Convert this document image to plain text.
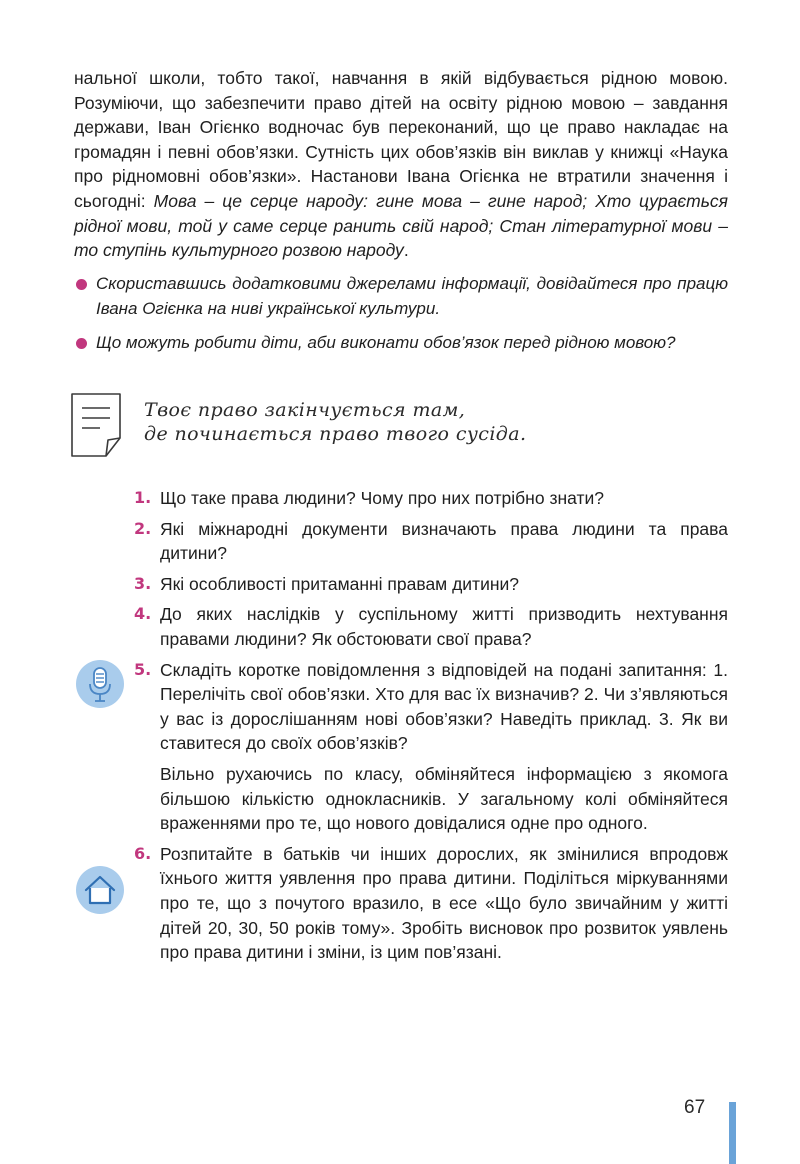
нальної школи, тобто такої, навчання в якій відбувається рідною мовою. Розуміючи, що забезпечити право дітей на освіту рідною мовою – завдання держави, Іван Огієнко водночас був переконаний, що це право накладає на громадян і певні обов’язки. Сутність цих обов’язків він виклав у книжці «Наука про рідномовні обов’язки». Настанови Івана Огієнка не втратили значення і сьогодні: Мова – це серце народу: гине мова – гине народ; Хто цурається рідної мови, той у саме серце ранить свій народ; Стан літературної мови – то ступінь культурного розвою народу.

Скориставшись додатковими джерелами інформації, довідайтеся про працю Івана Огієнка на ниві української культури.
Що можуть робити діти, аби виконати обов’язок перед рідною мовою?
Твоє право закінчується там,
де починається право твого сусіда.
1. Що таке права людини? Чому про них потрібно знати?
2. Які міжнародні документи визначають права людини та права дитини?
3. Які особливості притаманні правам дитини?
4. До яких наслідків у суспільному житті призводить нехтування правами людини? Як обстоювати свої права?
5. Складіть коротке повідомлення з відповідей на подані запитання: 1. Перелічіть свої обов’язки. Хто для вас їх визначив? 2. Чи з’являються у вас із дорослішанням нові обов’язки? Наведіть приклад. 3. Як ви ставитеся до своїх обов’язків?
Вільно рухаючись по класу, обміняйтеся інформацією з якомога більшою кількістю однокласників. У загальному колі обміняйтеся враженнями про те, що нового довідалися одне про одного.
6. Розпитайте в батьків чи інших дорослих, як змінилися впродовж їхнього життя уявлення про права дитини. Поділіться міркуваннями про те, що з почутого вразило, в есе «Що було звичайним у житті дітей 20, 30, 50 років тому». Зробіть висновок про розвиток уявлень про права дитини і зміни, із цим пов’язані.
67
